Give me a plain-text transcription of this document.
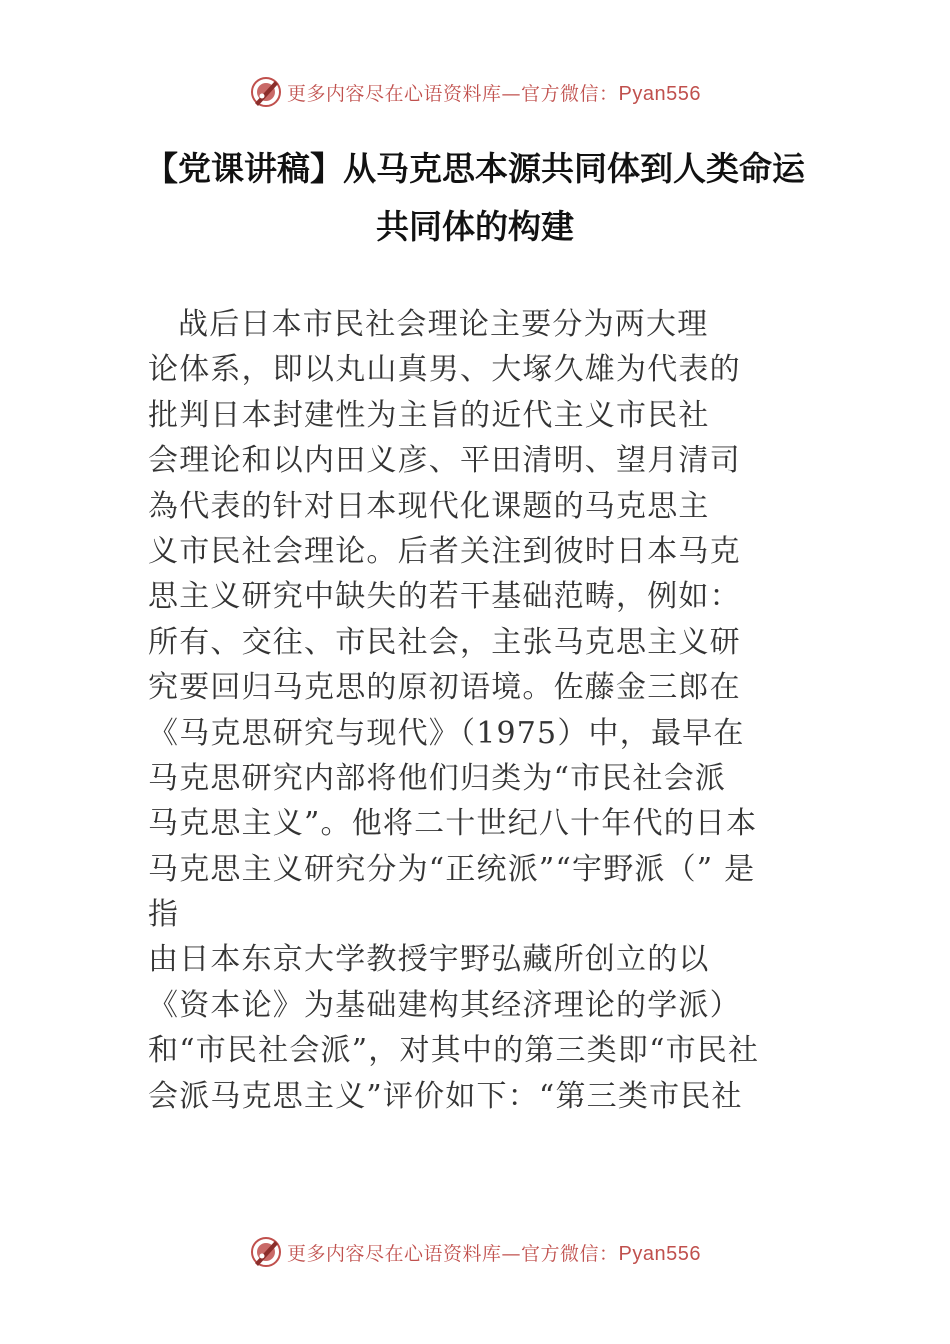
更多内容尽在心语资料库—官方微信：Pyan556
【党课讲稿】从马克思本源共同体到人类命运
共同体的构建
战后日本市民社会理论主要分为两大理
论体系，即以丸山真男、大塚久雄为代表的
批判日本封建性为主旨的近代主义市民社
会理论和以内田义彦、平田清明、望月清司
為代表的针对日本现代化课题的马克思主
义市民社会理论。后者关注到彼时日本马克
思主义研究中缺失的若干基础范畴，例如：
所有、交往、市民社会，主张马克思主义研
究要回归马克思的原初语境。佐藤金三郎在
《马克思研究与现代》（1975）中，最早在
马克思研究内部将他们归类为“市民社会派
马克思主义”。他将二十世纪八十年代的日本
马克思主义研究分为“正统派”“宇野派（” 是
指
由日本东京大学教授宇野弘藏所创立的以
《资本论》为基础建构其经济理论的学派）
和“市民社会派”，对其中的第三类即“市民社
会派马克思主义”评价如下：“第三类市民社
更多内容尽在心语资料库—官方微信：Pyan556
